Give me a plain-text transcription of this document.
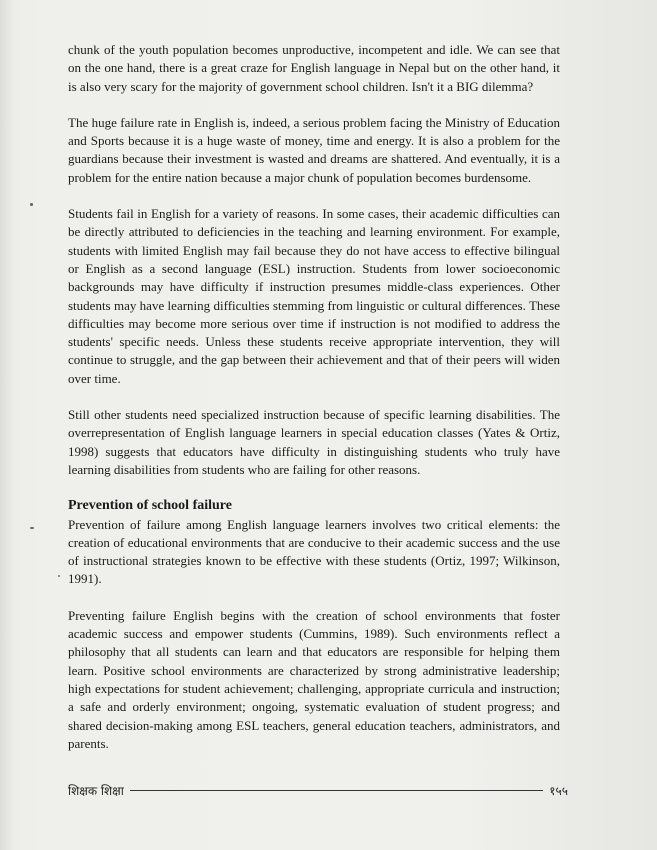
chunk of the youth population becomes unproductive, incompetent and idle. We can see that on the one hand, there is a great craze for English language in Nepal but on the other hand, it is also very scary for the majority of government school children. Isn't it a BIG dilemma?

The huge failure rate in English is, indeed, a serious problem facing the Ministry of Education and Sports because it is a huge waste of money, time and energy. It is also a problem for the guardians because their investment is wasted and dreams are shattered. And eventually, it is a problem for the entire nation because a major chunk of population becomes burdensome.

Students fail in English for a variety of reasons. In some cases, their academic difficulties can be directly attributed to deficiencies in the teaching and learning environment. For example, students with limited English may fail because they do not have access to effective bilingual or English as a second language (ESL) instruction. Students from lower socioeconomic backgrounds may have difficulty if instruction presumes middle-class experiences. Other students may have learning difficulties stemming from linguistic or cultural differences. These difficulties may become more serious over time if instruction is not modified to address the students' specific needs. Unless these students receive appropriate intervention, they will continue to struggle, and the gap between their achievement and that of their peers will widen over time.

Still other students need specialized instruction because of specific learning disabilities. The overrepresentation of English language learners in special education classes (Yates & Ortiz, 1998) suggests that educators have difficulty in distinguishing students who truly have learning disabilities from students who are failing for other reasons.

Prevention of school failure

Prevention of failure among English language learners involves two critical elements: the creation of educational environments that are conducive to their academic success and the use of instructional strategies known to be effective with these students (Ortiz, 1997; Wilkinson, 1991).

Preventing failure English begins with the creation of school environments that foster academic success and empower students (Cummins, 1989). Such environments reflect a philosophy that all students can learn and that educators are responsible for helping them learn. Positive school environments are characterized by strong administrative leadership; high expectations for student achievement; challenging, appropriate curricula and instruction; a safe and orderly environment; ongoing, systematic evaluation of student progress; and shared decision-making among ESL teachers, general education teachers, administrators, and parents.

शिक्षक शिक्षा	१५५
